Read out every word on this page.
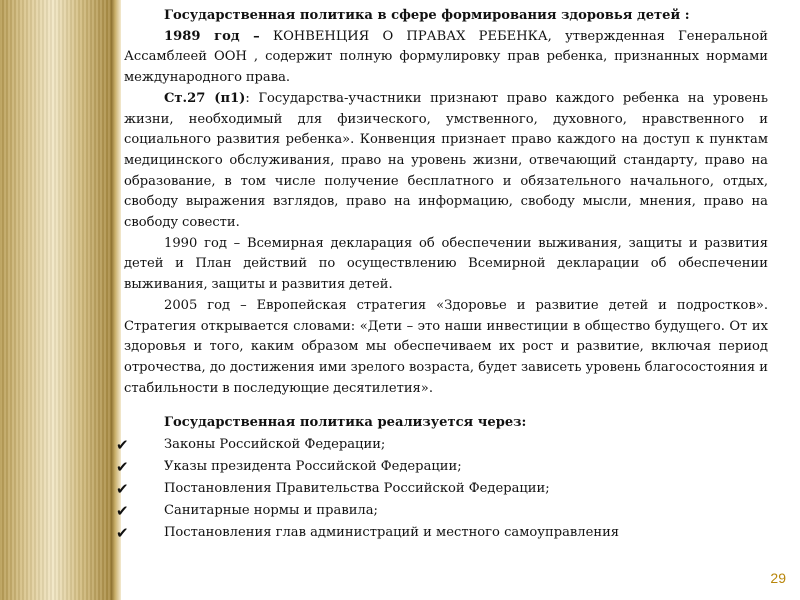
Государственная политика в сфере формирования здоровья детей :

1989 год – КОНВЕНЦИЯ О ПРАВАХ РЕБЕНКА, утвержденная Генеральной Ассамблеей ООН , содержит полную формулировку прав ребенка, признанных нормами международного права.

Ст.27 (п1): Государства-участники признают право каждого ребенка на уровень жизни, необходимый для физического, умственного, духовного, нравственного и социального развития ребенка». Конвенция признает право каждого на доступ к пунктам медицинского обслуживания, право на уровень жизни, отвечающий стандарту, право на образование, в том числе получение бесплатного и обязательного начального, отдых, свободу выражения взглядов, право на информацию, свободу мысли, мнения, право на свободу совести.

1990 год – Всемирная декларация об обеспечении выживания, защиты и развития детей и План действий по осуществлению Всемирной декларации об обеспечении выживания, защиты и развития детей.

2005 год – Европейская стратегия «Здоровье и развитие детей и подростков». Стратегия открывается словами: «Дети – это наши инвестиции в общество будущего. От их здоровья и того, каким образом мы обеспечиваем их рост и развитие, включая период отрочества, до достижения ими зрелого возраста, будет зависеть уровень благосостояния и стабильности в последующие десятилетия».

Государственная политика реализуется через:

✔	Законы Российской Федерации;
✔	Указы президента Российской Федерации;
✔	Постановления Правительства Российской Федерации;
✔	Санитарные нормы и правила;
✔	Постановления глав администраций и местного самоуправления
29
